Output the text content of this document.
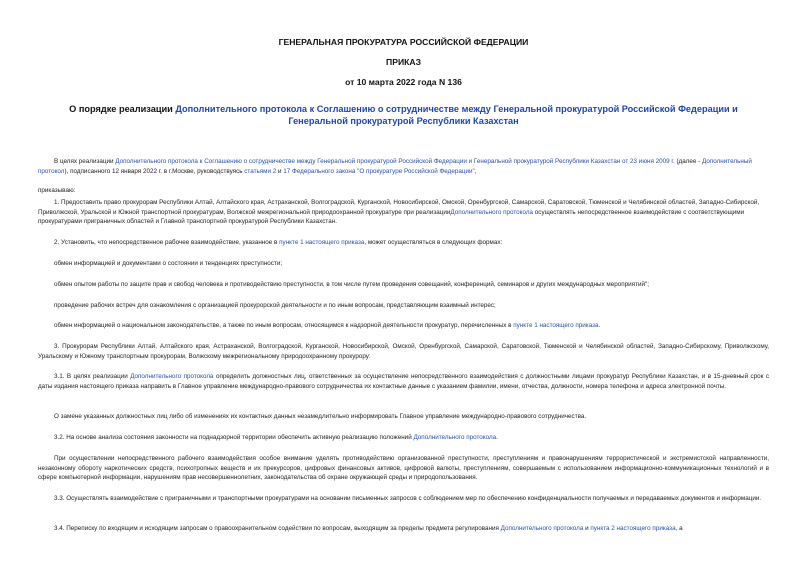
ГЕНЕРАЛЬНАЯ ПРОКУРАТУРА РОССИЙСКОЙ ФЕДЕРАЦИИ
ПРИКАЗ
от 10 марта 2022 года N 136
О порядке реализации Дополнительного протокола к Соглашению о сотрудничестве между Генеральной прокуратурой Российской Федерации и Генеральной прокуратурой Республики Казахстан
В целях реализации Дополнительного протокола к Соглашению о сотрудничестве между Генеральной прокуратурой Российской Федерации и Генеральной прокуратурой Республики Казахстан от 23 июня 2009 г. (далее - Дополнительный протокол), подписанного 12 января 2022 г. в г.Москве, руководствуясь статьями 2 и 17 Федерального закона "О прокуратуре Российской Федерации",
приказываю:
1. Предоставить право прокурорам Республики Алтай, Алтайского края, Астраханской, Волгоградской, Курганской, Новосибирской, Омской, Оренбургской, Самарской, Саратовской, Тюменской и Челябинской областей, Западно-Сибирской, Приволжской, Уральской и Южной транспортной прокуратурам, Волжской межрегиональной природоохранной прокуратуре при реализацииДополнительного протокола осуществлять непосредственное взаимодействие с соответствующими прокуратурами приграничных областей и Главной транспортной прокуратурой Республики Казахстан.
2. Установить, что непосредственное рабочее взаимодействие, указанное в пункте 1 настоящего приказа, может осуществляться в следующих формах:
обмен информацией и документами о состоянии и тенденциях преступности;
обмен опытом работы по защите прав и свобод человека и противодействию преступности, в том числе путем проведения совещаний, конференций, семинаров и других международных мероприятий";
проведение рабочих встреч для ознакомления с организацией прокурорской деятельности и по иным вопросам, представляющим взаимный интерес;
обмен информацией о национальном законодательстве, а также по иным вопросам, относящимся к надзорной деятельности прокуратур, перечисленных в пункте 1 настоящего приказа.
3. Прокурорам Республики Алтай, Алтайского края, Астраханской, Волгоградской, Курганской, Новосибирской, Омской, Оренбургской, Самарской, Саратовской, Тюменской и Челябинской областей, Западно-Сибирскому, Приволжскому, Уральскому и Южному транспортным прокурорам, Волжскому межрегиональному природоохранному прокурору:
3.1. В целях реализации Дополнительного протокола определить должностных лиц, ответственных за осуществление непосредственного взаимодействия с должностными лицами прокуратур Республики Казахстан, и в 15-дневный срок с даты издания настоящего приказа направить в Главное управление международно-правового сотрудничества их контактные данные с указанием фамилии, имени, отчества, должности, номера телефона и адреса электронной почты.
О замене указанных должностных лиц либо об изменениях их контактных данных незамедлительно информировать Главное управление международно-правового сотрудничества.
3.2. На основе анализа состояния законности на поднадзорной территории обеспечить активную реализацию положений Дополнительного протокола.
При осуществлении непосредственного рабочего взаимодействия особое внимание уделять противодействию организованной преступности, преступлениям и правонарушениям террористической и экстремистской направленности, незаконному обороту наркотических средств, психотропных веществ и их прекурсоров, цифровых финансовых активов, цифровой валюты, преступлениям, совершаемым с использованием информационно-коммуникационных технологий и в сфере компьютерной информации, нарушениям прав несовершеннолетних, законодательства об охране окружающей среды и природопользования.
3.3. Осуществлять взаимодействие с приграничными и транспортными прокуратурами на основании письменных запросов с соблюдением мер по обеспечению конфиденциальности получаемых и передаваемых документов и информации.
3.4. Переписку по входящим и исходящим запросам о правоохранительном содействии по вопросам, выходящим за пределы предмета регулирования Дополнительного протокола и пункта 2 настоящего приказа, а
